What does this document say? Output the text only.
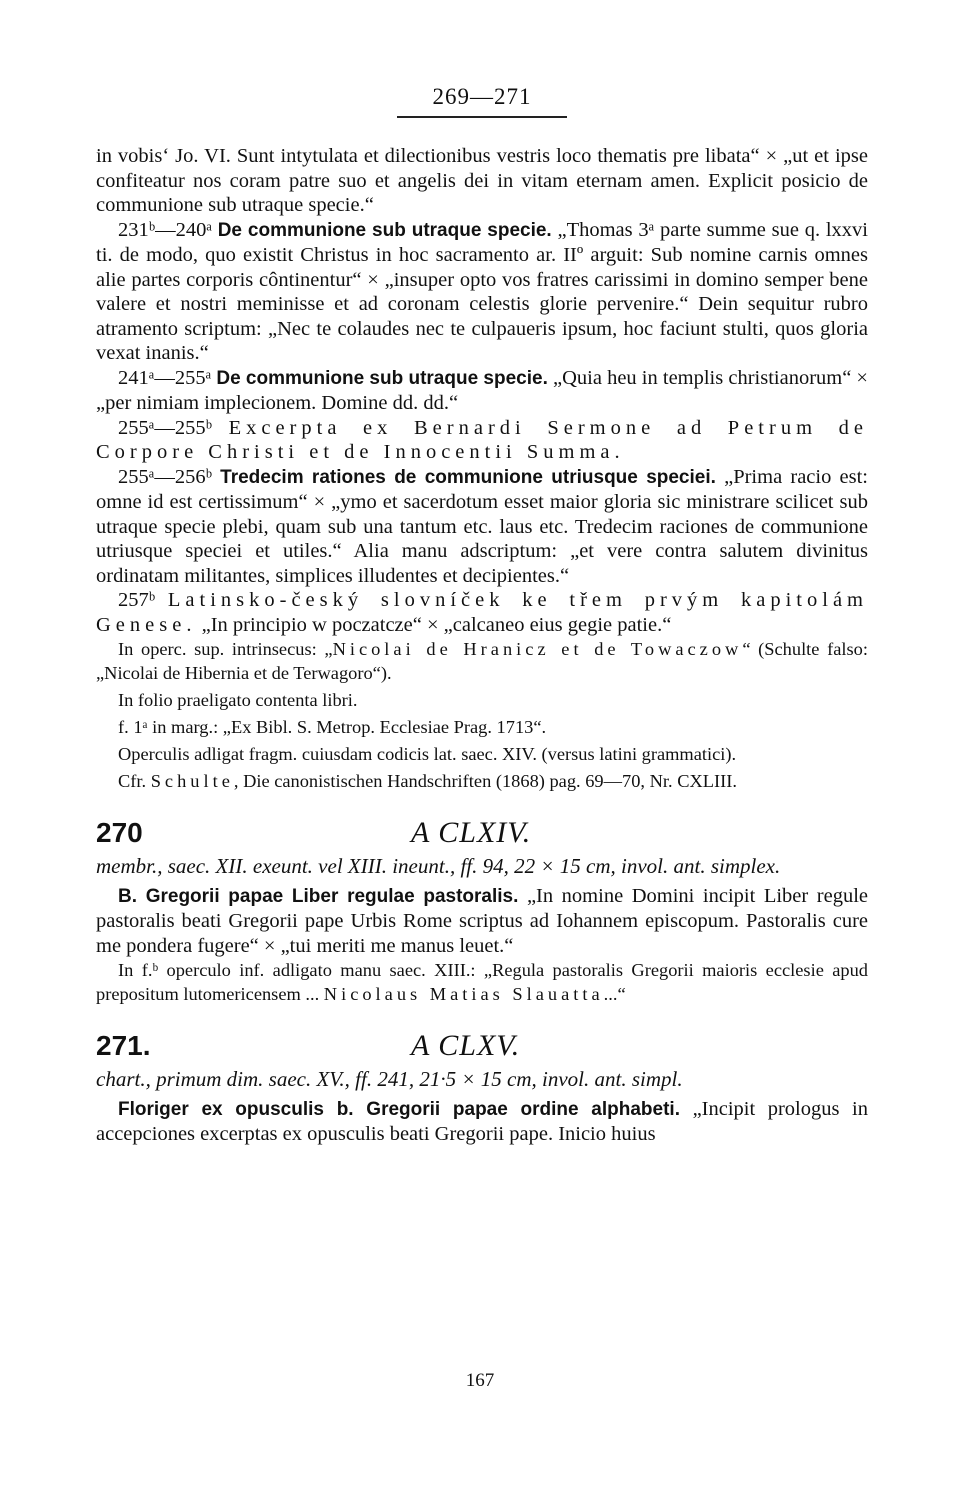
269—271

in vobis‘ Jo. VI. Sunt intytulata et dilectionibus vestris loco thematis pre libata“ × „ut et ipse confiteatur nos coram patre suo et angelis dei in vitam eternam amen. Explicit posicio de communione sub utraque specie.“

231ᵇ—240ᵃ De communione sub utraque specie. „Thomas 3ᵃ parte summe sue q. lxxvi ti. de modo, quo existit Christus in hoc sacramento ar. IIº arguit: Sub nomine carnis omnes alie partes corporis côntinentur“ × „insuper opto vos fratres carissimi in domino semper bene valere et nostri meminisse et ad coronam celestis glorie pervenire.“ Dein sequitur rubro atramento scriptum: „Nec te colaudes nec te culpaueris ipsum, hoc faciunt stulti, quos gloria vexat inanis.“

241ᵃ—255ᵃ De communione sub utraque specie. „Quia heu in templis christianorum“ × „per nimiam implecionem. Domine dd. dd.“

255ᵃ—255ᵇ Excerpta ex Bernardi Sermone ad Petrum de Corpore Christi et de Innocentii Summa.

255ᵃ—256ᵇ Tredecim rationes de communione utriusque speciei. „Prima racio est: omne id est certissimum“ × „ymo et sacerdotum esset maior gloria sic ministrare scilicet sub utraque specie plebi, quam sub una tantum etc. laus etc. Tredecim raciones de communione utriusque speciei et utiles.“ Alia manu adscriptum: „et vere contra salutem divinitus ordinatam militantes, simplices illudentes et decipientes.“

257ᵇ Latinsko-český slovníček ke třem prvým kapitolám Genese. „In principio w poczatcze“ × „calcaneo eius gegie patie.“

In operc. sup. intrinsecus: „Nicolai de Hranicz et de Towaczow“ (Schulte falso: „Nicolai de Hibernia et de Terwagoro“).

In folio praeligato contenta libri.

f. 1ᵃ in marg.: „Ex Bibl. S. Metrop. Ecclesiae Prag. 1713“.

Operculis adligat fragm. cuiusdam codicis lat. saec. XIV. (versus latini grammatici).

Cfr. Schulte, Die canonistischen Handschriften (1868) pag. 69—70, Nr. CXLIII.

270	A CLXIV.
membr., saec. XII. exeunt. vel XIII. ineunt., ff. 94, 22 × 15 cm, invol. ant. simplex.

B. Gregorii papae Liber regulae pastoralis. „In nomine Domini incipit Liber regule pastoralis beati Gregorii pape Urbis Rome scriptus ad Iohannem episcopum. Pastoralis cure me pondera fugere“ × „tui meriti me manus leuet.“

In f.ᵇ operculo inf. adligato manu saec. XIII.: „Regula pastoralis Gregorii maioris ecclesie apud prepositum lutomericensem ... Nicolaus Matias Slauatta...“

271.	A CLXV.
chart., primum dim. saec. XV., ff. 241, 21·5 × 15 cm, invol. ant. simpl.

Floriger ex opusculis b. Gregorii papae ordine alphabeti. „Incipit prologus in accepciones excerptas ex opusculis beati Gregorii pape. Inicio huius

167
